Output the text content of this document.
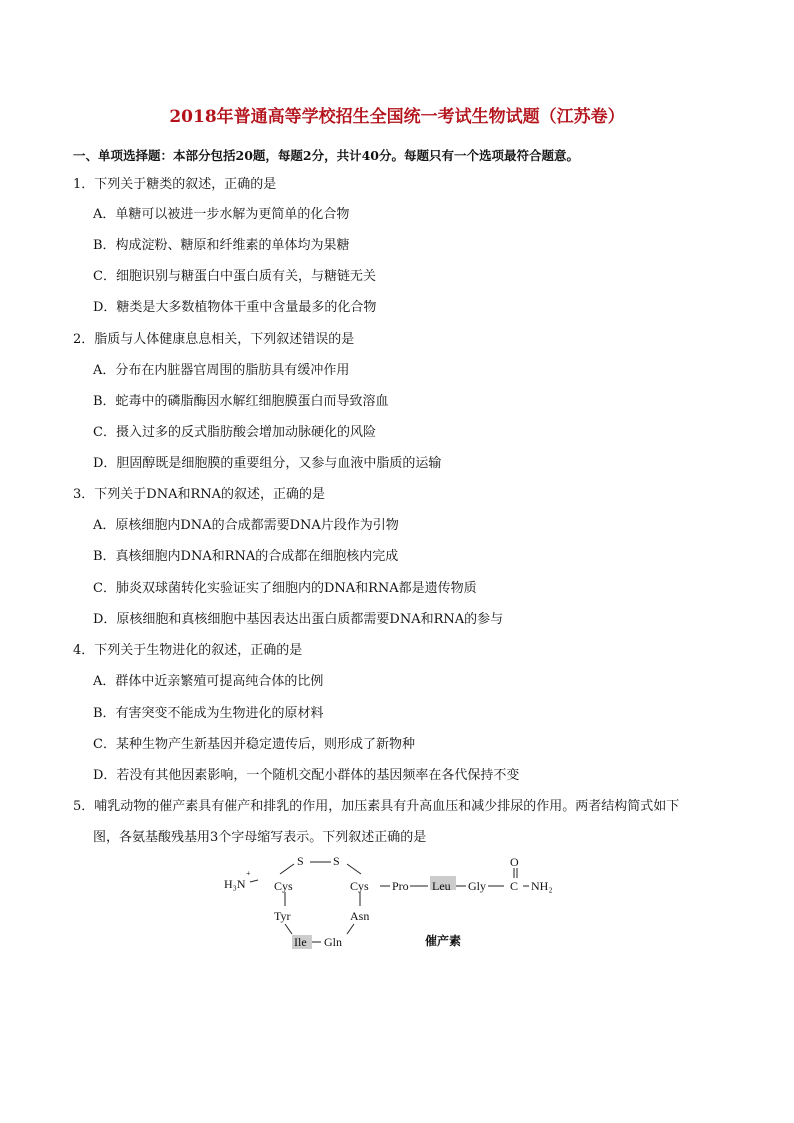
2018年普通高等学校招生全国统一考试生物试题（江苏卷）
一、单项选择题：本部分包括20题，每题2分，共计40分。每题只有一个选项最符合题意。
1．下列关于糖类的叙述，正确的是
A．单糖可以被进一步水解为更简单的化合物
B．构成淀粉、糖原和纤维素的单体均为果糖
C．细胞识别与糖蛋白中蛋白质有关，与糖链无关
D．糖类是大多数植物体干重中含量最多的化合物
2．脂质与人体健康息息相关，下列叙述错误的是
A．分布在内脏器官周围的脂肪具有缓冲作用
B．蛇毒中的磷脂酶因水解红细胞膜蛋白而导致溶血
C．摄入过多的反式脂肪酸会增加动脉硬化的风险
D．胆固醇既是细胞膜的重要组分，又参与血液中脂质的运输
3．下列关于DNA和RNA的叙述，正确的是
A．原核细胞内DNA的合成都需要DNA片段作为引物
B．真核细胞内DNA和RNA的合成都在细胞核内完成
C．肺炎双球菌转化实验证实了细胞内的DNA和RNA都是遗传物质
D．原核细胞和真核细胞中基因表达出蛋白质都需要DNA和RNA的参与
4．下列关于生物进化的叙述，正确的是
A．群体中近亲繁殖可提高纯合体的比例
B．有害突变不能成为生物进化的原材料
C．某种生物产生新基因并稳定遗传后，则形成了新物种
D．若没有其他因素影响，一个随机交配小群体的基因频率在各代保持不变
5．哺乳动物的催产素具有催产和排乳的作用，加压素具有升高血压和减少排尿的作用。两者结构简式如下
图，各氨基酸残基用3个字母缩写表示。下列叙述正确的是
H₃N
+
Cys
S S
Cys
Tyr	Asn
Ile Gln
Pro Leu Gly C
O
NH₂
催产素
